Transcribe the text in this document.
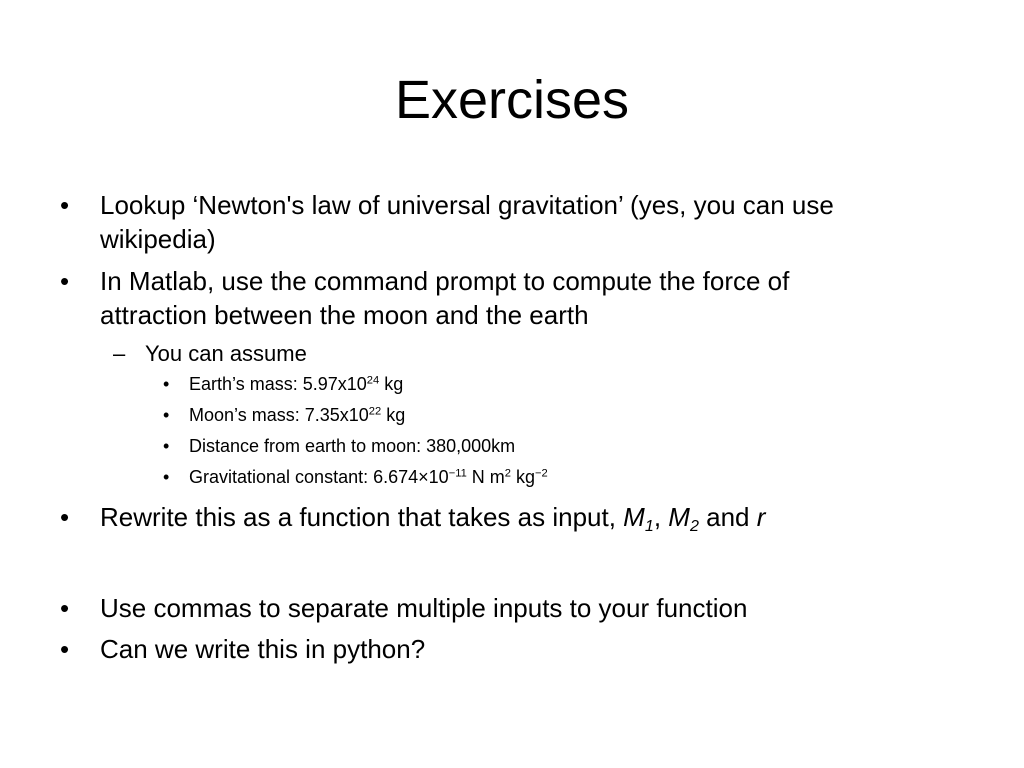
Exercises
• Lookup ‘Newton's law of universal gravitation’ (yes, you can use
wikipedia)
• In Matlab, use the command prompt to compute the force of
attraction between the moon and the earth
– You can assume
• Earth’s mass: $5.97x10^{24}$ kg
• Moon’s mass: $7.35x10^{22}$ kg
• Distance from earth to moon: 380,000km
• Gravitational constant: $6.674\times 10^{-11}$ N $m^2$ $kg^{-2}$
• Rewrite this as a function that takes as input, $M_1$, $M_2$ and r
• Use commas to separate multiple inputs to your function
• Can we write this in python?
